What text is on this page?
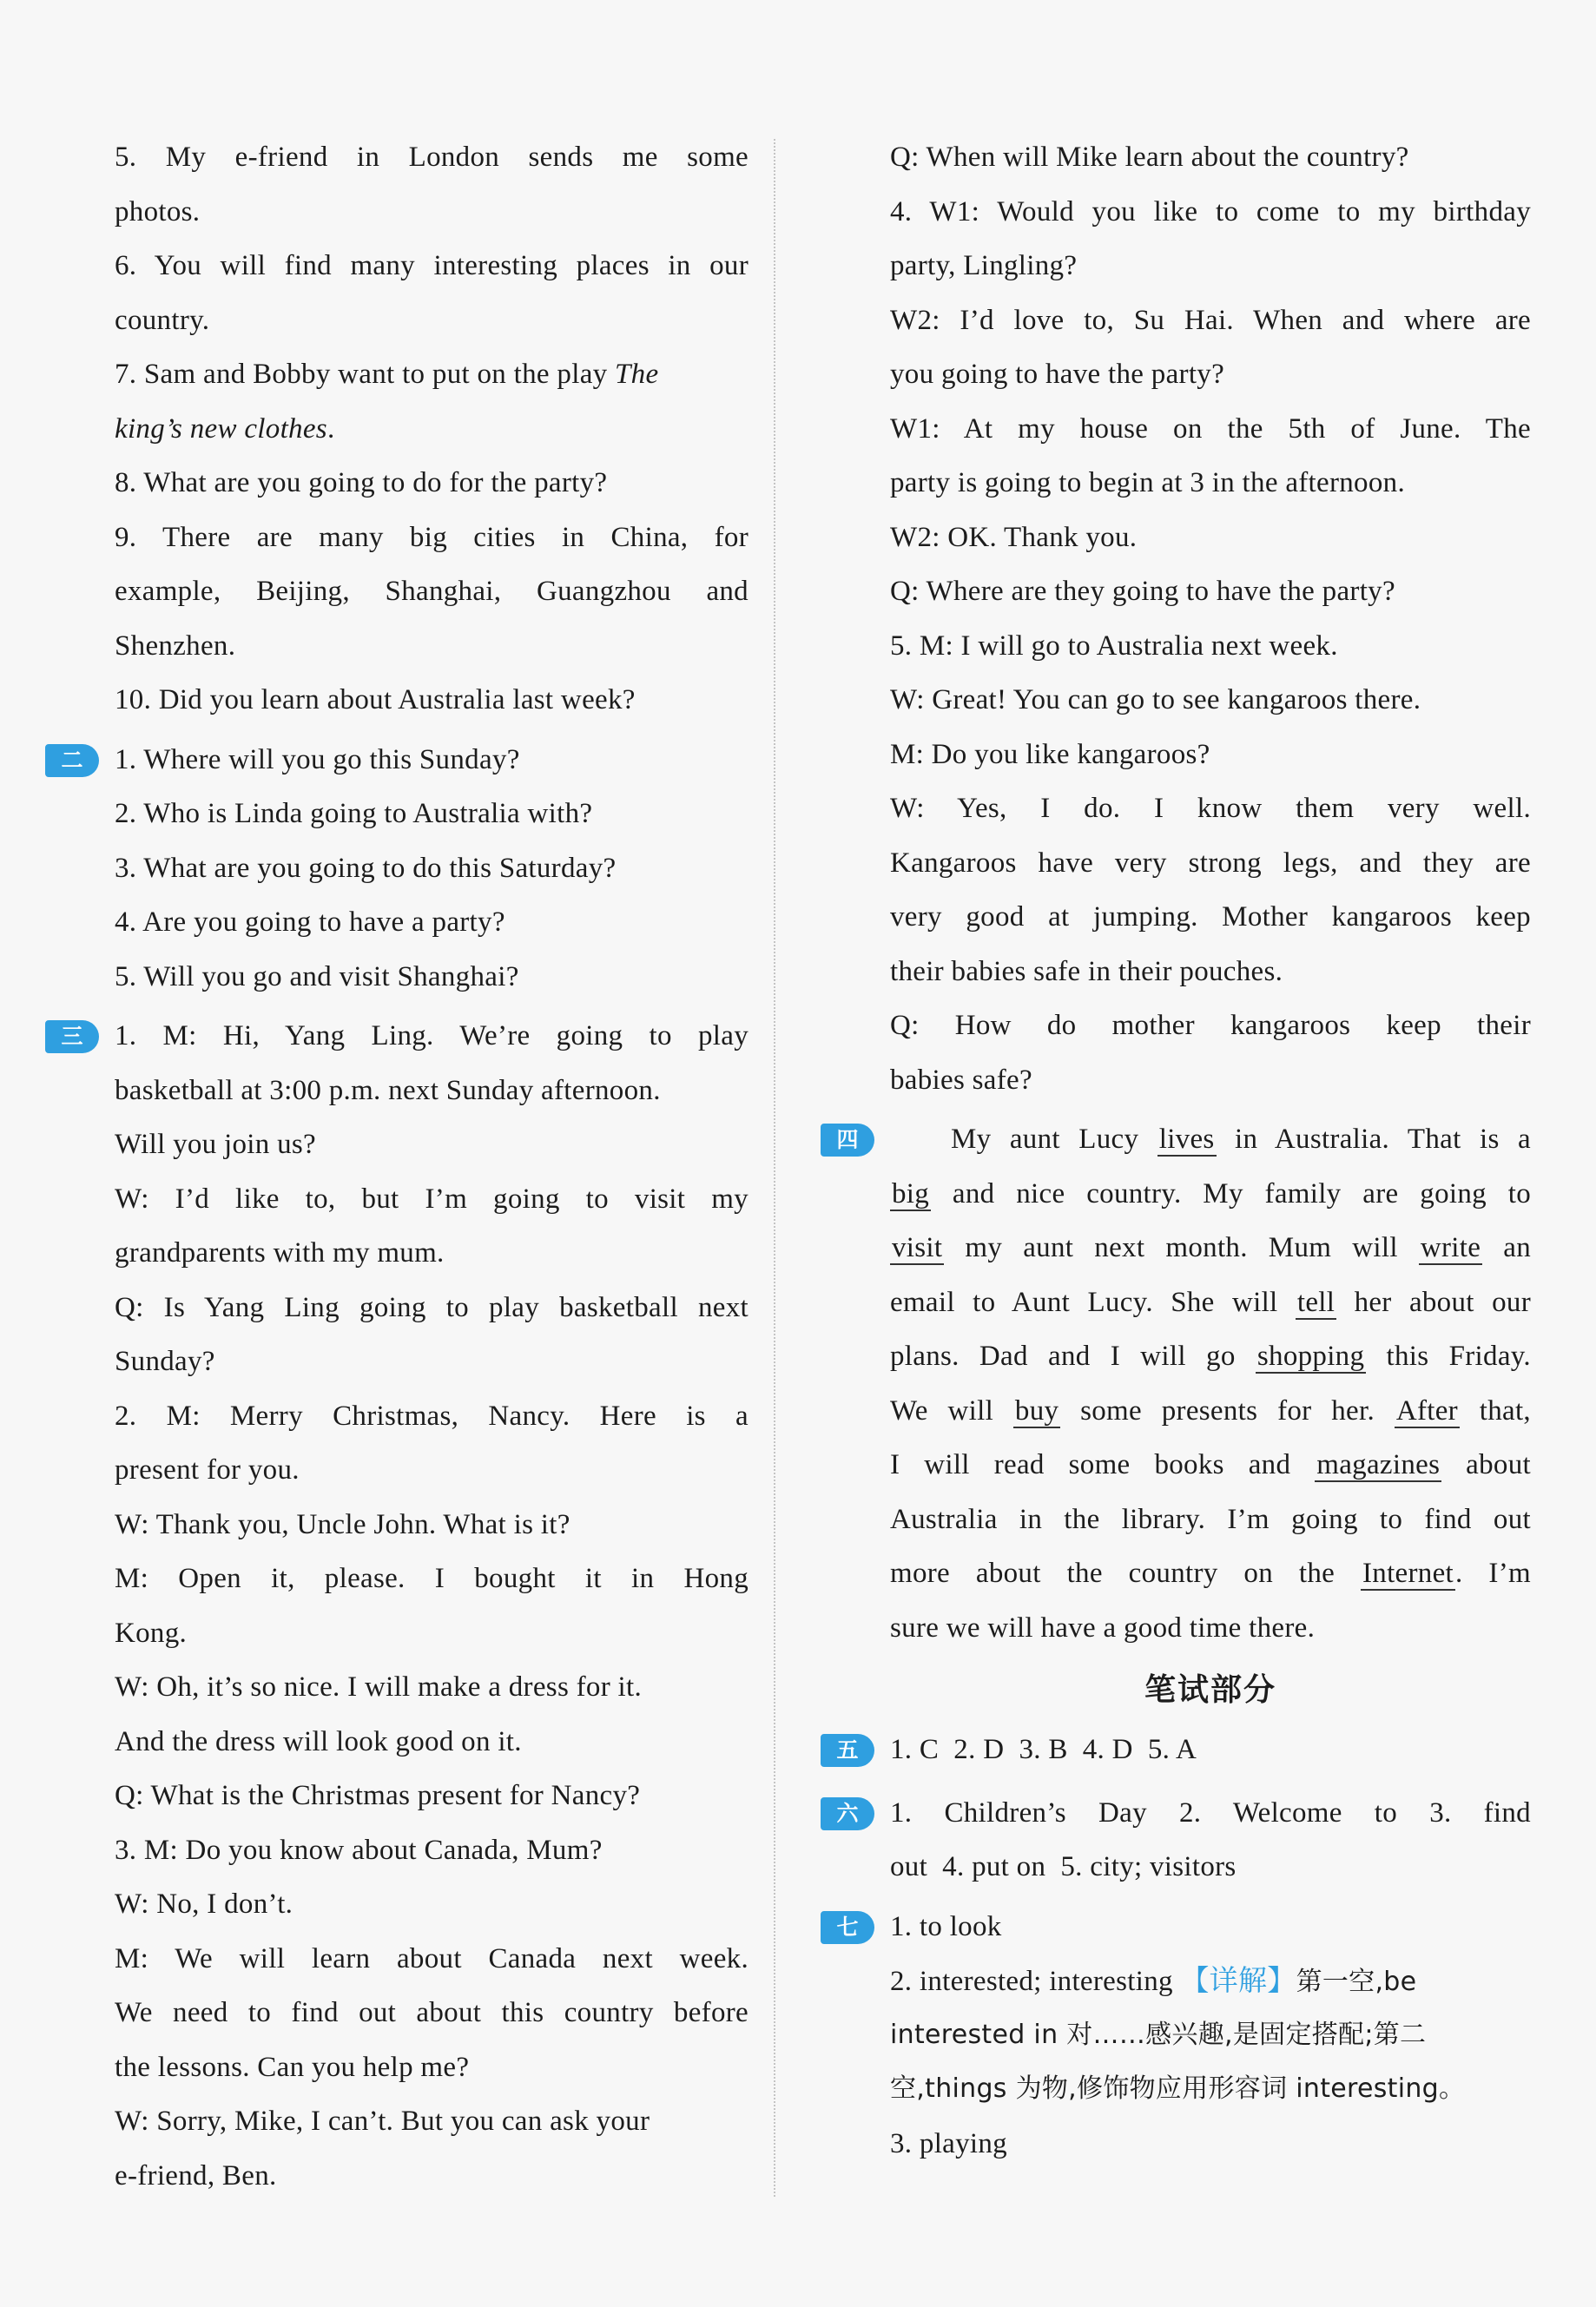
5. My e-friend in London sends me some
photos.
6. You will find many interesting places in our
country.
7. Sam and Bobby want to put on the play The
king’s new clothes.
8. What are you going to do for the party?
9. There are many big cities in China, for
example, Beijing, Shanghai, Guangzhou and
Shenzhen.
10. Did you learn about Australia last week?
二	1. Where will you go this Sunday?
2. Who is Linda going to Australia with?
3. What are you going to do this Saturday?
4. Are you going to have a party?
5. Will you go and visit Shanghai?
三	1. M: Hi, Yang Ling. We’re going to play
basketball at 3:00 p.m. next Sunday afternoon.
Will you join us?
W: I’d like to, but I’m going to visit my
grandparents with my mum.
Q: Is Yang Ling going to play basketball next
Sunday?
2. M: Merry Christmas, Nancy. Here is a
present for you.
W: Thank you, Uncle John. What is it?
M: Open it, please. I bought it in Hong
Kong.
W: Oh, it’s so nice. I will make a dress for it.
And the dress will look good on it.
Q: What is the Christmas present for Nancy?
3. M: Do you know about Canada, Mum?
W: No, I don’t.
M: We will learn about Canada next week.
We need to find out about this country before
the lessons. Can you help me?
W: Sorry, Mike, I can’t. But you can ask your
e-friend, Ben.
Q: When will Mike learn about the country?
4. W1: Would you like to come to my birthday
party, Lingling?
W2: I’d love to, Su Hai. When and where are
you going to have the party?
W1: At my house on the 5th of June. The
party is going to begin at 3 in the afternoon.
W2: OK. Thank you.
Q: Where are they going to have the party?
5. M: I will go to Australia next week.
W: Great! You can go to see kangaroos there.
M: Do you like kangaroos?
W: Yes, I do. I know them very well.
Kangaroos have very strong legs, and they are
very good at jumping. Mother kangaroos keep
their babies safe in their pouches.
Q: How do mother kangaroos keep their
babies safe?
四	My aunt Lucy lives in Australia. That is a
big and nice country. My family are going to
visit my aunt next month. Mum will write an
email to Aunt Lucy. She will tell her about our
plans. Dad and I will go shopping this Friday.
We will buy some presents for her. After that,
I will read some books and magazines about
Australia in the library. I’m going to find out
more about the country on the Internet. I’m
sure we will have a good time there.
笔试部分
五	1. C  2. D  3. B  4. D  5. A
六	1. Children’s Day 2. Welcome to 3. find
out  4. put on  5. city; visitors
七	1. to look
2. interested; interesting 【详解】第一空,be
interested in 对……感兴趣,是固定搭配;第二
空,things 为物,修饰物应用形容词 interesting。
3. playing
